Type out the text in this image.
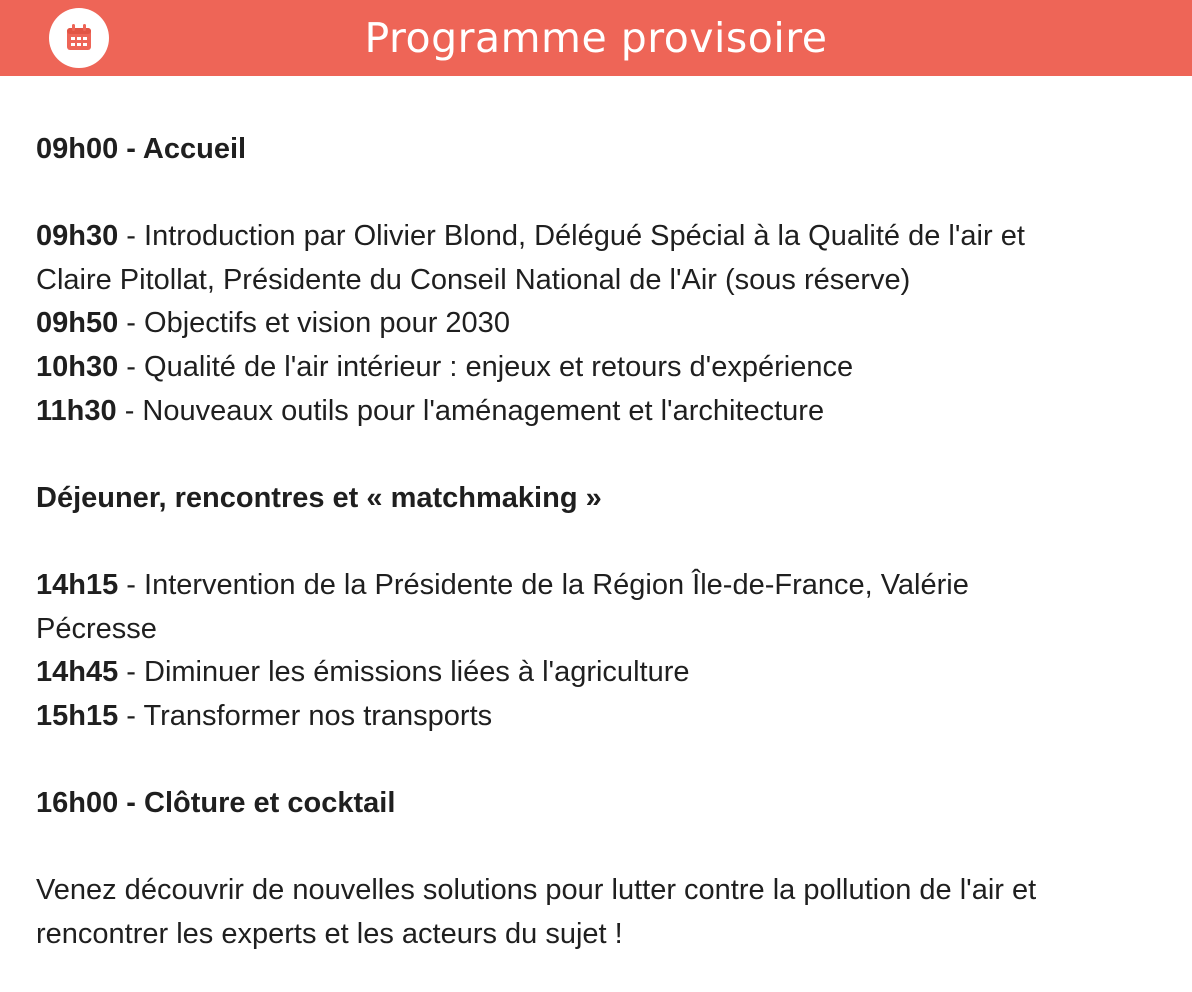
Programme provisoire
09h00 - Accueil
09h30 - Introduction par Olivier Blond, Délégué Spécial à la Qualité de l'air et
Claire Pitollat, Présidente du Conseil National de l'Air (sous réserve)
09h50 - Objectifs et vision pour 2030
10h30 - Qualité de l'air intérieur : enjeux et retours d'expérience
11h30 - Nouveaux outils pour l'aménagement et l'architecture
Déjeuner, rencontres et « matchmaking »
14h15 - Intervention de la Présidente de la Région Île-de-France, Valérie
Pécresse
14h45 - Diminuer les émissions liées à l'agriculture
15h15 - Transformer nos transports
16h00 - Clôture et cocktail
Venez découvrir de nouvelles solutions pour lutter contre la pollution de l'air et
rencontrer les experts et les acteurs du sujet !
